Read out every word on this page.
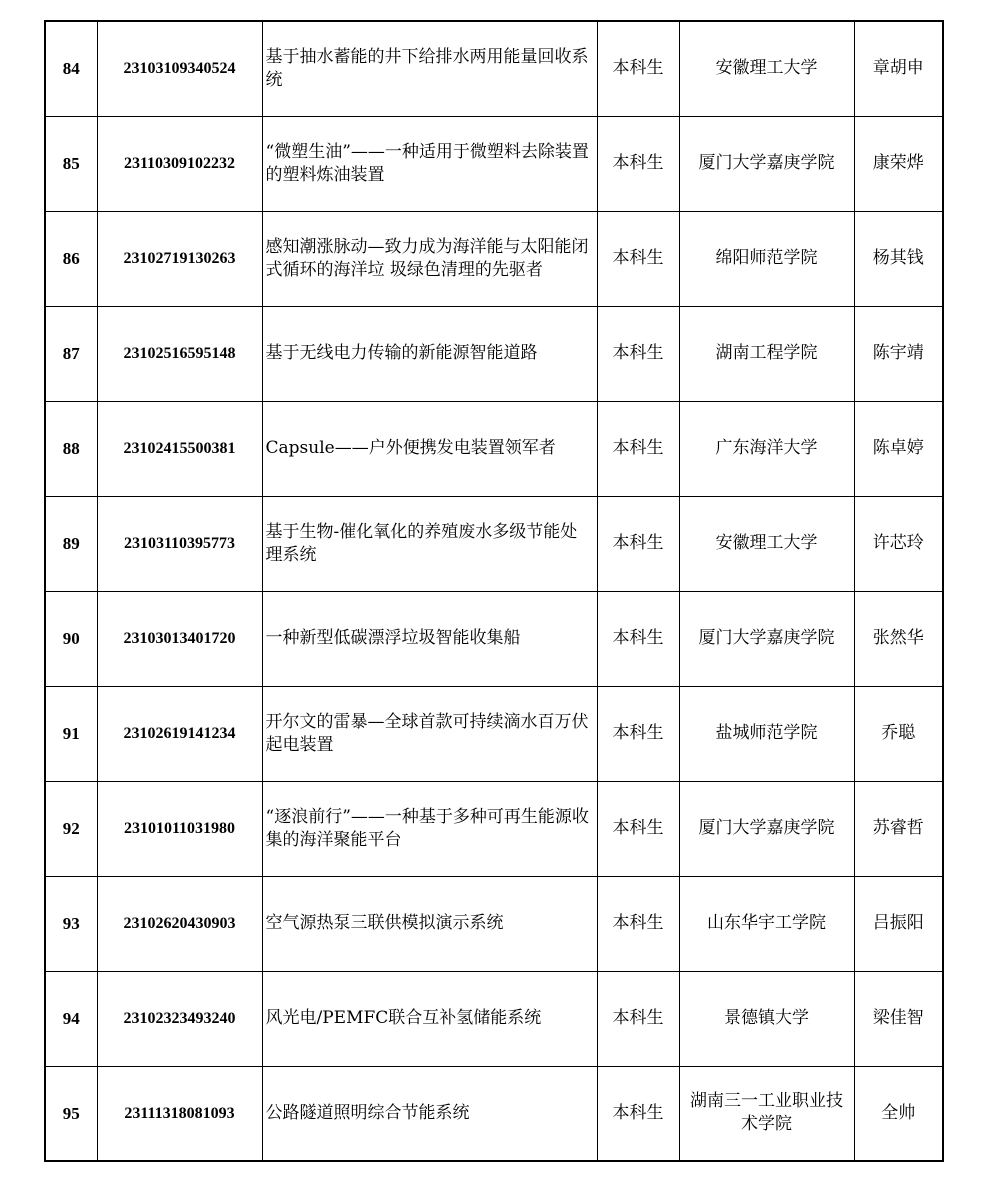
84	23103109340524	基于抽水蓄能的井下给排水两用能量回收系统	本科生	安徽理工大学	章胡申
85	23110309102232	“微塑生油”——一种适用于微塑料去除装置的塑料炼油装置	本科生	厦门大学嘉庚学院	康荣烨
86	23102719130263	感知潮涨脉动—致力成为海洋能与太阳能闭式循环的海洋垃 圾绿色清理的先驱者	本科生	绵阳师范学院	杨其钱
87	23102516595148	基于无线电力传输的新能源智能道路	本科生	湖南工程学院	陈宇靖
88	23102415500381	Capsule——户外便携发电装置领军者	本科生	广东海洋大学	陈卓婷
89	23103110395773	基于生物-催化氧化的养殖废水多级节能处理系统	本科生	安徽理工大学	许芯玲
90	23103013401720	一种新型低碳漂浮垃圾智能收集船	本科生	厦门大学嘉庚学院	张然华
91	23102619141234	开尔文的雷暴—全球首款可持续滴水百万伏起电装置	本科生	盐城师范学院	乔聪
92	23101011031980	“逐浪前行”——一种基于多种可再生能源收集的海洋聚能平台	本科生	厦门大学嘉庚学院	苏睿哲
93	23102620430903	空气源热泵三联供模拟演示系统	本科生	山东华宇工学院	吕振阳
94	23102323493240	风光电/PEMFC联合互补氢储能系统	本科生	景德镇大学	梁佳智
95	23111318081093	公路隧道照明综合节能系统	本科生	湖南三一工业职业技术学院	全帅
